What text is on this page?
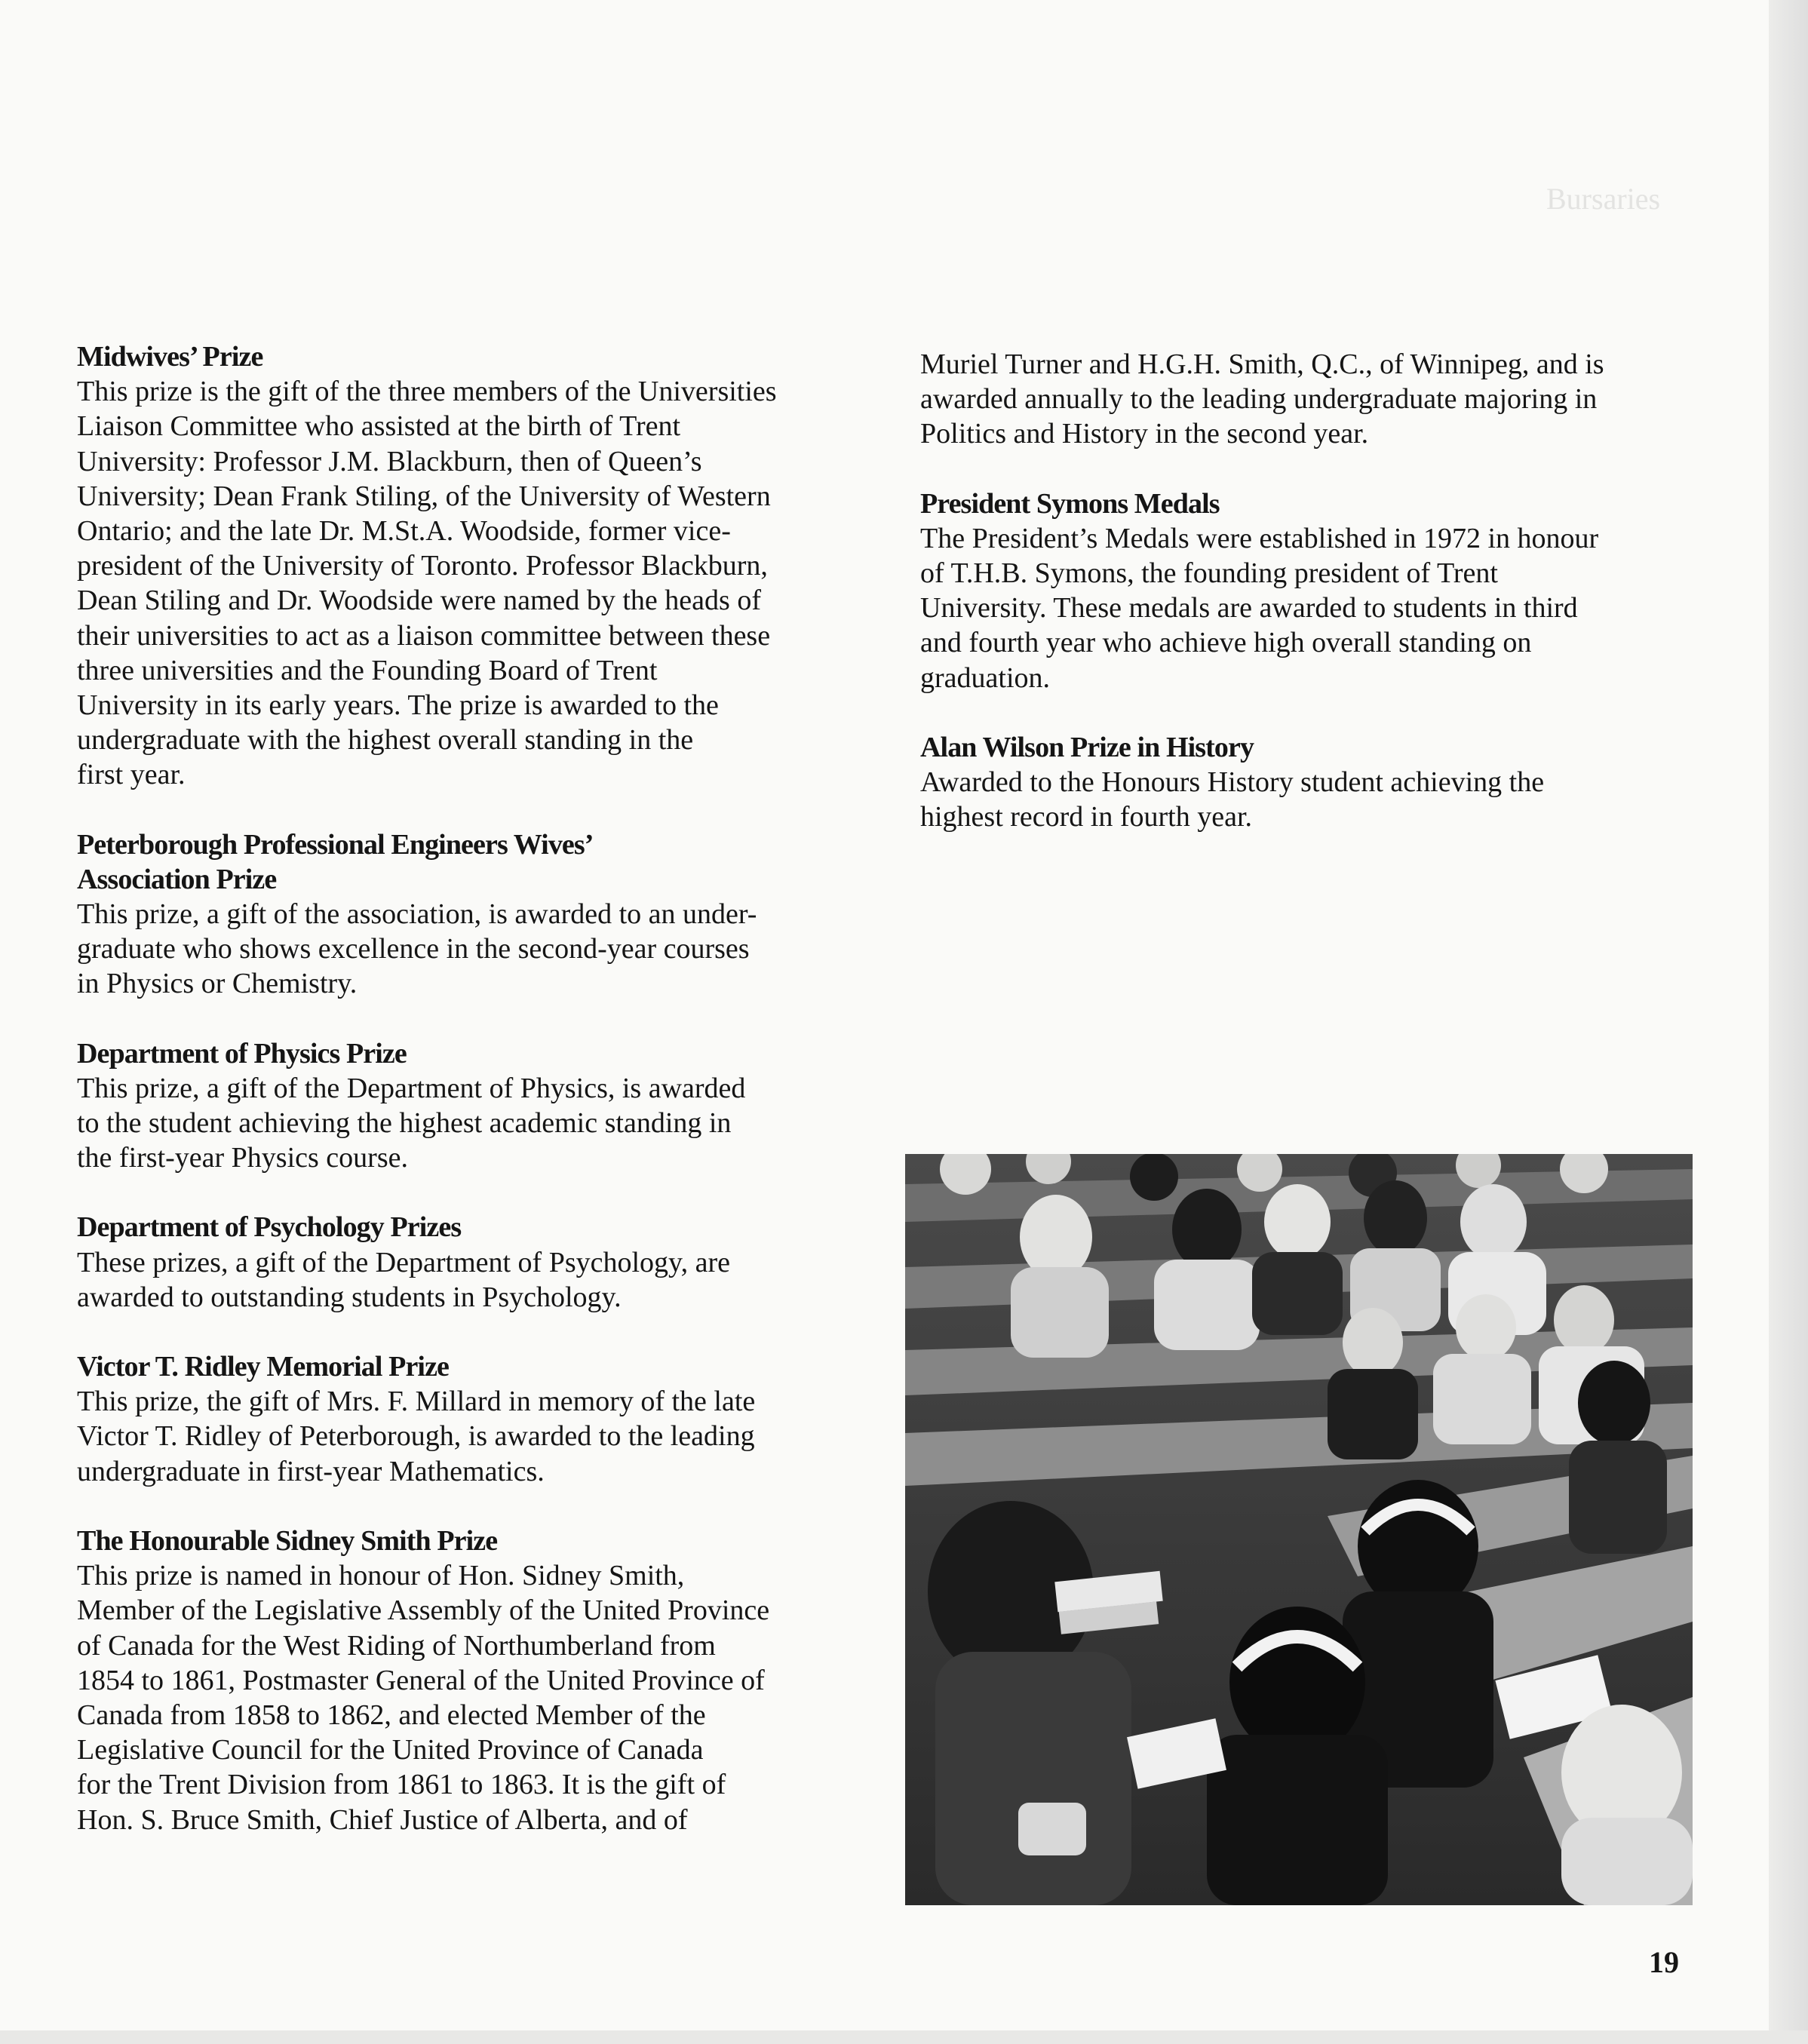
Bursaries
Midwives’ Prize

This prize is the gift of the three members of the Universities
Liaison Committee who assisted at the birth of Trent
University: Professor J.M. Blackburn, then of Queen’s
University; Dean Frank Stiling, of the University of Western
Ontario; and the late Dr. M.St.A. Woodside, former vice-
president of the University of Toronto. Professor Blackburn,
Dean Stiling and Dr. Woodside were named by the heads of
their universities to act as a liaison committee between these
three universities and the Founding Board of Trent
University in its early years. The prize is awarded to the
undergraduate with the highest overall standing in the
first year.

Peterborough Professional Engineers Wives’
Association Prize

This prize, a gift of the association, is awarded to an under-
graduate who shows excellence in the second-year courses
in Physics or Chemistry.

Department of Physics Prize

This prize, a gift of the Department of Physics, is awarded
to the student achieving the highest academic standing in
the first-year Physics course.

Department of Psychology Prizes

These prizes, a gift of the Department of Psychology, are
awarded to outstanding students in Psychology.

Victor T. Ridley Memorial Prize

This prize, the gift of Mrs. F. Millard in memory of the late
Victor T. Ridley of Peterborough, is awarded to the leading
undergraduate in first-year Mathematics.

The Honourable Sidney Smith Prize

This prize is named in honour of Hon. Sidney Smith,
Member of the Legislative Assembly of the United Province
of Canada for the West Riding of Northumberland from
1854 to 1861, Postmaster General of the United Province of
Canada from 1858 to 1862, and elected Member of the
Legislative Council for the United Province of Canada
for the Trent Division from 1861 to 1863. It is the gift of
Hon. S. Bruce Smith, Chief Justice of Alberta, and of

Muriel Turner and H.G.H. Smith, Q.C., of Winnipeg, and is
awarded annually to the leading undergraduate majoring in
Politics and History in the second year.

President Symons Medals

The President’s Medals were established in 1972 in honour
of T.H.B. Symons, the founding president of Trent
University. These medals are awarded to students in third
and fourth year who achieve high overall standing on
graduation.

Alan Wilson Prize in History

Awarded to the Honours History student achieving the
highest record in fourth year.

19
